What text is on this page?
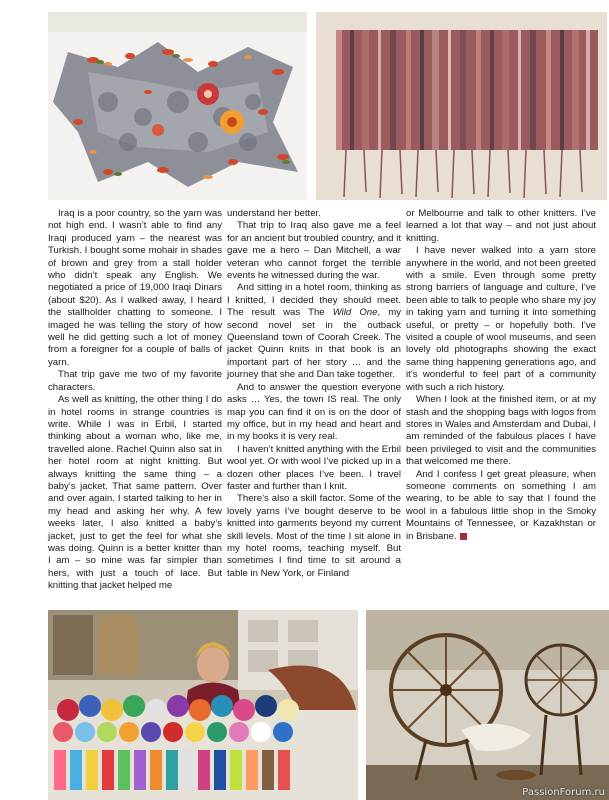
Iraq is a poor country, so the yarn was not high end. I wasn’t able to find any Iraqi produced yarn – the nearest was Turkish. I bought some mohair in shades of brown and grey from a stall holder who didn’t speak any English. We negotiated a price of 19,000 Iraqi Dinars (about $20). As I walked away, I heard the stallholder chatting to someone. I imaged he was telling the story of how well he did getting such a lot of money from a foreigner for a couple of balls of yarn.

That trip gave me two of my favorite characters.

As well as knitting, the other thing I do in hotel rooms in strange countries is write. While I was in Erbil, I started thinking about a woman who, like me, travelled alone. Rachel Quinn also sat in her hotel room at night knitting. But always knitting the same thing – a baby’s jacket. That same pattern. Over and over again. I started talking to her in my head and asking her why. A few weeks later, I also knitted a baby’s jacket, just to get the feel for what she was doing. Quinn is a better knitter than I am – so mine was far simpler than hers, with just a touch of lace. But knitting that jacket helped me

understand her better.

That trip to Iraq also gave me a feel for an ancient but troubled country, and it gave me a hero – Dan Mitchell, a war veteran who cannot forget the terrible events he witnessed during the war.

And sitting in a hotel room, thinking as I knitted, I decided they should meet. The result was The Wild One, my second novel set in the outback Queensland town of Coorah Creek. The jacket Quinn knits in that book is an important part of her story … and the journey that she and Dan take together.

And to answer the question everyone asks … Yes, the town IS real. The only map you can find it on is on the door of my office, but in my head and heart and in my books it is very real.

I haven’t knitted anything with the Erbil wool yet. Or with wool I’ve picked up in a dozen other places I’ve been. I travel faster and further than I knit.

There’s also a skill factor. Some of the lovely yarns I’ve bought deserve to be knitted into garments beyond my current skill levels. Most of the time I sit alone in my hotel rooms, teaching myself. But sometimes I find time to sit around a table in New York, or Finland

or Melbourne and talk to other knitters. I’ve learned a lot that way – and not just about knitting.

I have never walked into a yarn store anywhere in the world, and not been greeted with a smile. Even through some pretty strong barriers of language and culture, I’ve been able to talk to people who share my joy in taking yarn and turning it into something useful, or pretty – or hopefully both. I’ve visited a couple of wool museums, and seen lovely old photographs showing the exact same thing happening generations ago, and it’s wonderful to feel part of a community with such a rich history.

When I look at the finished item, or at my stash and the shopping bags with logos from stores in Wales and Amsterdam and Dubai, I am reminded of the fabulous places I have been privileged to visit and the communities that welcomed me there.

And I confess I get great pleasure, when someone comments on something I am wearing, to be able to say that I found the wool in a fabulous little shop in the Smoky Mountains of Tennessee, or Kazakhstan or in Brisbane.

PassionForum.ru
